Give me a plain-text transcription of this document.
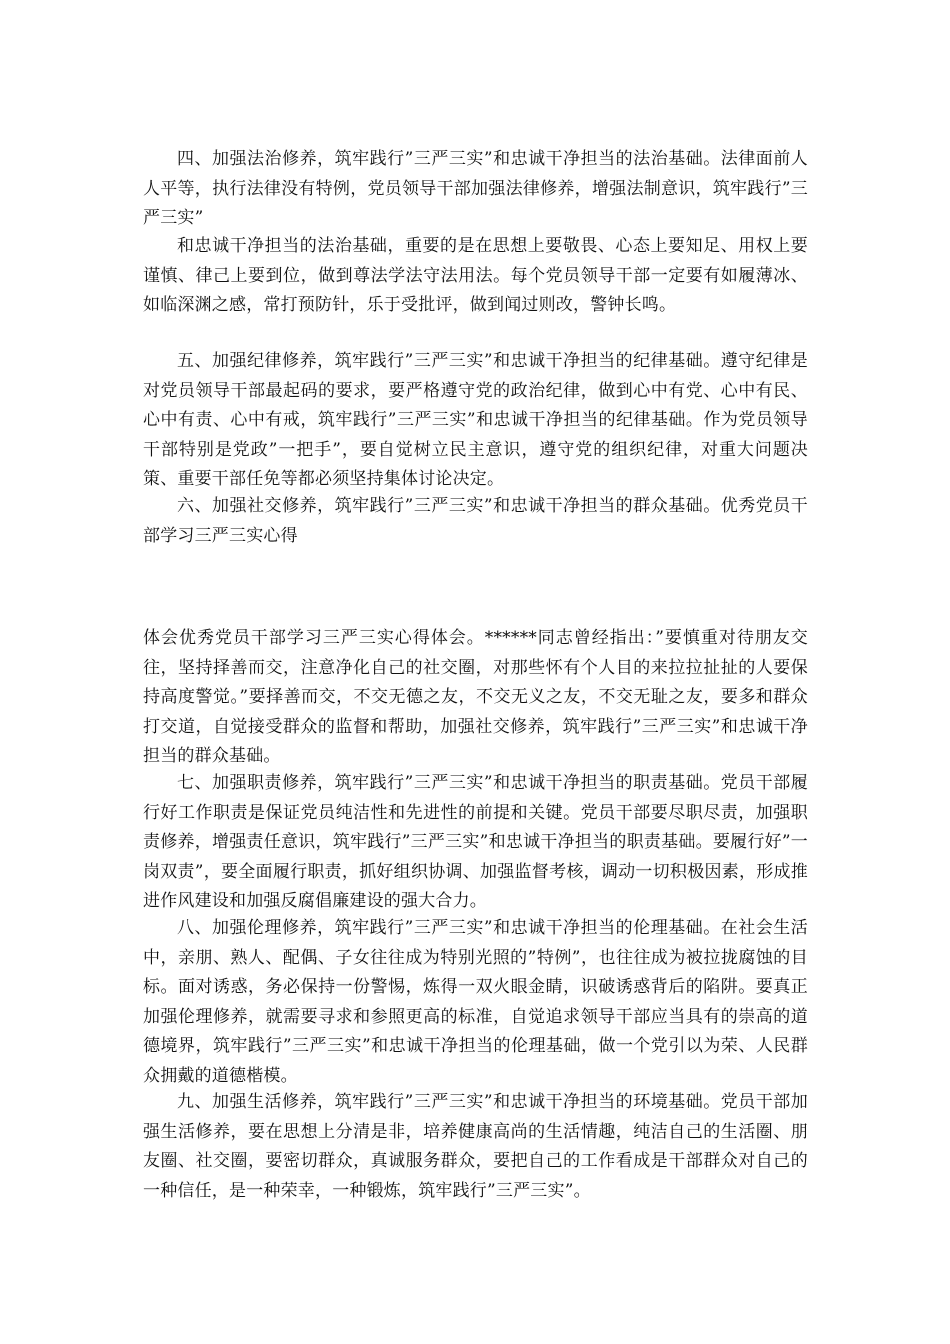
四、加强法治修养，筑牢践行”三严三实”和忠诚干净担当的法治基础。法律面前人人平等，执行法律没有特例，党员领导干部加强法律修养，增强法制意识，筑牢践行”三严三实”

和忠诚干净担当的法治基础，重要的是在思想上要敬畏、心态上要知足、用权上要谨慎、律己上要到位，做到尊法学法守法用法。每个党员领导干部一定要有如履薄冰、如临深渊之感，常打预防针，乐于受批评，做到闻过则改，警钟长鸣。

五、加强纪律修养，筑牢践行”三严三实”和忠诚干净担当的纪律基础。遵守纪律是对党员领导干部最起码的要求，要严格遵守党的政治纪律，做到心中有党、心中有民、心中有责、心中有戒，筑牢践行”三严三实”和忠诚干净担当的纪律基础。作为党员领导干部特别是党政”一把手”，要自觉树立民主意识，遵守党的组织纪律，对重大问题决策、重要干部任免等都必须坚持集体讨论决定。

六、加强社交修养，筑牢践行”三严三实”和忠诚干净担当的群众基础。优秀党员干部学习三严三实心得

体会优秀党员干部学习三严三实心得体会。******同志曾经指出：”要慎重对待朋友交往，坚持择善而交，注意净化自己的社交圈，对那些怀有个人目的来拉拉扯扯的人要保持高度警觉。”要择善而交，不交无德之友，不交无义之友，不交无耻之友，要多和群众打交道，自觉接受群众的监督和帮助，加强社交修养，筑牢践行”三严三实”和忠诚干净担当的群众基础。

七、加强职责修养，筑牢践行”三严三实”和忠诚干净担当的职责基础。党员干部履行好工作职责是保证党员纯洁性和先进性的前提和关键。党员干部要尽职尽责，加强职责修养，增强责任意识，筑牢践行”三严三实”和忠诚干净担当的职责基础。要履行好”一岗双责”，要全面履行职责，抓好组织协调、加强监督考核，调动一切积极因素，形成推进作风建设和加强反腐倡廉建设的强大合力。

八、加强伦理修养，筑牢践行”三严三实”和忠诚干净担当的伦理基础。在社会生活中，亲朋、熟人、配偶、子女往往成为特别光照的”特例”，也往往成为被拉拢腐蚀的目标。面对诱惑，务必保持一份警惕，炼得一双火眼金睛，识破诱惑背后的陷阱。要真正加强伦理修养，就需要寻求和参照更高的标准，自觉追求领导干部应当具有的崇高的道德境界，筑牢践行”三严三实”和忠诚干净担当的伦理基础，做一个党引以为荣、人民群众拥戴的道德楷模。

九、加强生活修养，筑牢践行”三严三实”和忠诚干净担当的环境基础。党员干部加强生活修养，要在思想上分清是非，培养健康高尚的生活情趣，纯洁自己的生活圈、朋友圈、社交圈，要密切群众，真诚服务群众，要把自己的工作看成是干部群众对自己的一种信任，是一种荣幸，一种锻炼，筑牢践行”三严三实”。
